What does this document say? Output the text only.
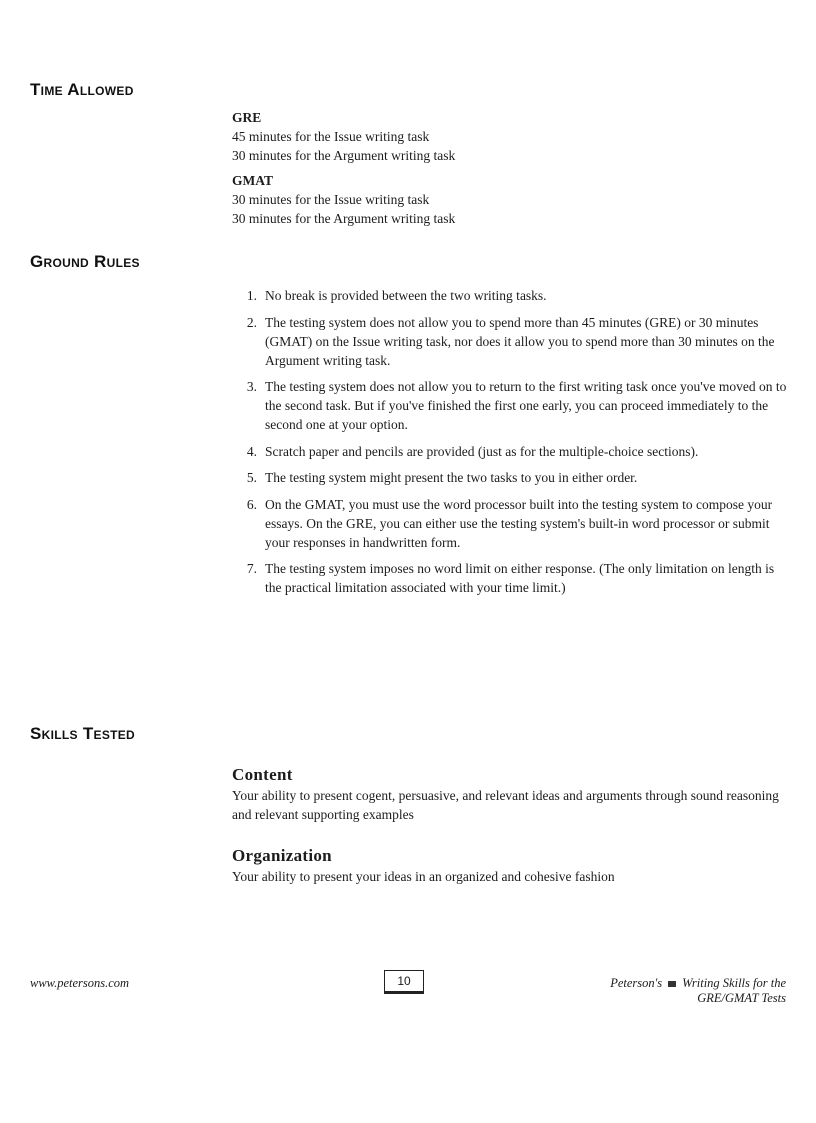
Time Allowed

GRE

45 minutes for the Issue writing task

30 minutes for the Argument writing task

GMAT

30 minutes for the Issue writing task

30 minutes for the Argument writing task

Ground Rules
1. No break is provided between the two writing tasks.
2. The testing system does not allow you to spend more than 45 minutes (GRE) or 30 minutes (GMAT) on the Issue writing task, nor does it allow you to spend more than 30 minutes on the Argument writing task.
3. The testing system does not allow you to return to the first writing task once you've moved on to the second task. But if you've finished the first one early, you can proceed immediately to the second one at your option.
4. Scratch paper and pencils are provided (just as for the multiple-choice sections).
5. The testing system might present the two tasks to you in either order.
6. On the GMAT, you must use the word processor built into the testing system to compose your essays. On the GRE, you can either use the testing system's built-in word processor or submit your responses in handwritten form.
7. The testing system imposes no word limit on either response. (The only limitation on length is the practical limitation associated with your time limit.)
Skills Tested

Content

Your ability to present cogent, persuasive, and relevant ideas and arguments through sound reasoning and relevant supporting examples

Organization

Your ability to present your ideas in an organized and cohesive fashion

www.petersons.com	10	Peterson's Writing Skills for the
GRE/GMAT Tests
